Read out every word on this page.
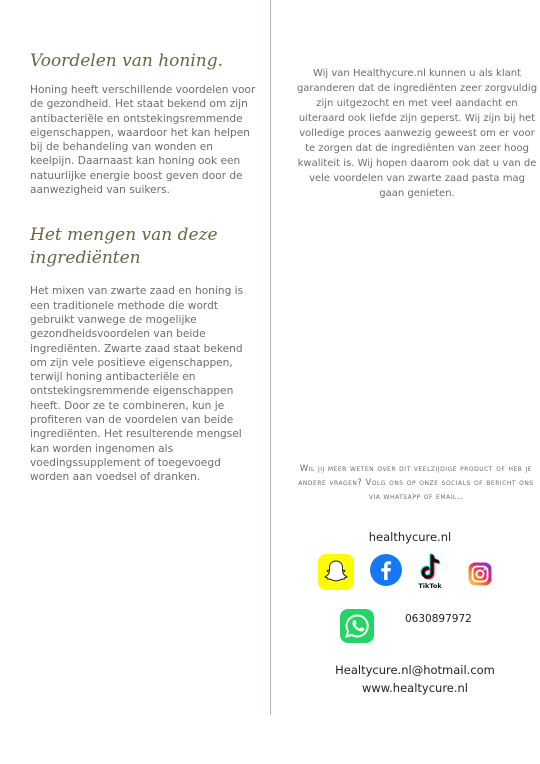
Voordelen van honing.

Honing heeft verschillende voordelen voor de gezondheid. Het staat bekend om zijn antibacteriële en ontstekingsremmende eigenschappen, waardoor het kan helpen bij de behandeling van wonden en keelpijn. Daarnaast kan honing ook een natuurlijke energie boost geven door de aanwezigheid van suikers.

Het mengen van deze ingrediënten

Het mixen van zwarte zaad en honing is een traditionele methode die wordt gebruikt vanwege de mogelijke gezondheidsvoordelen van beide ingrediënten. Zwarte zaad staat bekend om zijn vele positieve eigenschappen, terwijl honing antibacteriële en ontstekingsremmende eigenschappen heeft. Door ze te combineren, kun je profiteren van de voordelen van beide ingrediënten. Het resulterende mengsel kan worden ingenomen als voedingssupplement of toegevoegd worden aan voedsel of dranken.

Wij van Healthycure.nl kunnen u als klant garanderen dat de ingrediënten zeer zorgvuldig zijn uitgezocht en met veel aandacht en uiteraard ook liefde zijn geperst. Wij zijn bij het volledige proces aanwezig geweest om er voor te zorgen dat de ingrediënten van zeer hoog kwaliteit is. Wij hopen daarom ook dat u van de vele voordelen van zwarte zaad pasta mag gaan genieten.

Wil jij meer weten over dit veelzijdige product of heb je andere vragen? Volg ons op onze socials of bericht ons via whatsapp of email..

healthycure.nl
TikTok
0630897972
Healtycure.nl@hotmail.com
www.healtycure.nl
